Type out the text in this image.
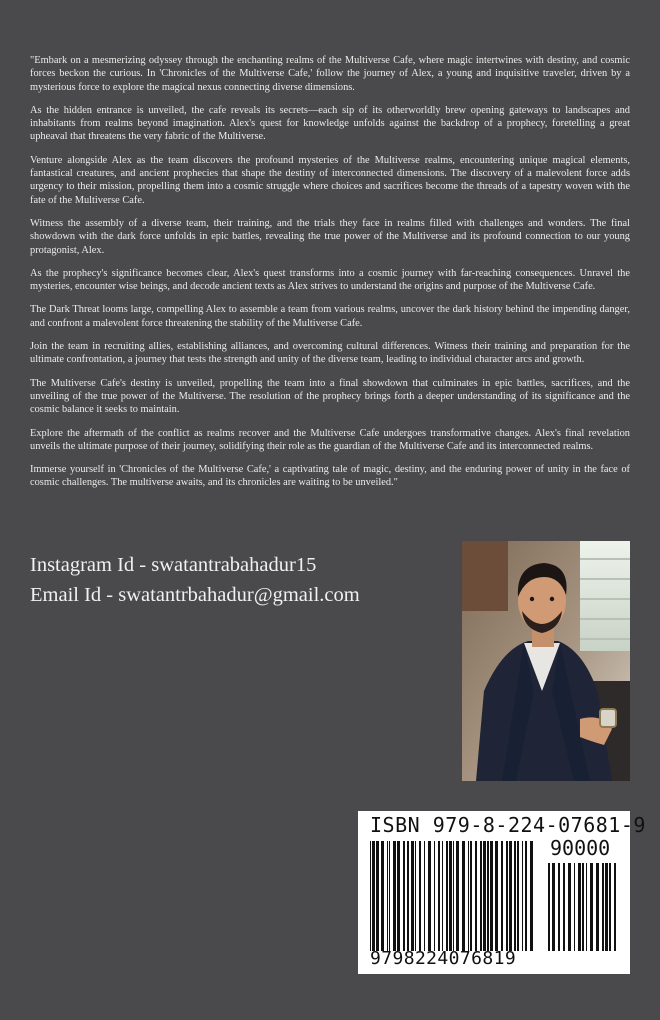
"Embark on a mesmerizing odyssey through the enchanting realms of the Multiverse Cafe, where magic intertwines with destiny, and cosmic forces beckon the curious. In 'Chronicles of the Multiverse Cafe,' follow the journey of Alex, a young and inquisitive traveler, driven by a mysterious force to explore the magical nexus connecting diverse dimensions.

As the hidden entrance is unveiled, the cafe reveals its secrets—each sip of its otherworldly brew opening gateways to landscapes and inhabitants from realms beyond imagination. Alex's quest for knowledge unfolds against the backdrop of a prophecy, foretelling a great upheaval that threatens the very fabric of the Multiverse.

Venture alongside Alex as the team discovers the profound mysteries of the Multiverse realms, encountering unique magical elements, fantastical creatures, and ancient prophecies that shape the destiny of interconnected dimensions. The discovery of a malevolent force adds urgency to their mission, propelling them into a cosmic struggle where choices and sacrifices become the threads of a tapestry woven with the fate of the Multiverse Cafe.

Witness the assembly of a diverse team, their training, and the trials they face in realms filled with challenges and wonders. The final showdown with the dark force unfolds in epic battles, revealing the true power of the Multiverse and its profound connection to our young protagonist, Alex.

As the prophecy's significance becomes clear, Alex's quest transforms into a cosmic journey with far-reaching consequences. Unravel the mysteries, encounter wise beings, and decode ancient texts as Alex strives to understand the origins and purpose of the Multiverse Cafe.

The Dark Threat looms large, compelling Alex to assemble a team from various realms, uncover the dark history behind the impending danger, and confront a malevolent force threatening the stability of the Multiverse Cafe.

Join the team in recruiting allies, establishing alliances, and overcoming cultural differences. Witness their training and preparation for the ultimate confrontation, a journey that tests the strength and unity of the diverse team, leading to individual character arcs and growth.

The Multiverse Cafe's destiny is unveiled, propelling the team into a final showdown that culminates in epic battles, sacrifices, and the unveiling of the true power of the Multiverse. The resolution of the prophecy brings forth a deeper understanding of its significance and the cosmic balance it seeks to maintain.

Explore the aftermath of the conflict as realms recover and the Multiverse Cafe undergoes transformative changes. Alex's final revelation unveils the ultimate purpose of their journey, solidifying their role as the guardian of the Multiverse Cafe and its interconnected realms.

Immerse yourself in 'Chronicles of the Multiverse Cafe,' a captivating tale of magic, destiny, and the enduring power of unity in the face of cosmic challenges. The multiverse awaits, and its chronicles are waiting to be unveiled."

Instagram Id - swatantrabahadur15
Email Id - swatantrbahadur@gmail.com
ISBN 979-8-224-07681-9
90000
9798224076819
